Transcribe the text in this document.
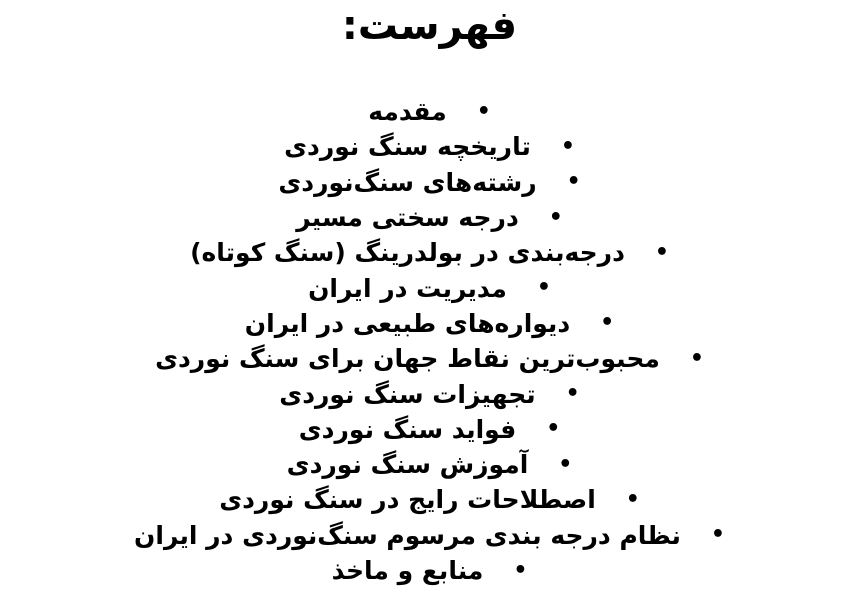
فهرست:
•
مقدمه
•
تاریخچه سنگ نوردی
•
رشته‌های سنگ‌نوردی
•
درجه سختی مسیر
•
درجه‌بندی در بولدرینگ (سنگ کوتاه)
•
مدیریت در ایران
•
دیواره‌های طبیعی در ایران
•
محبوب‌ترین نقاط جهان برای سنگ نوردی
•
تجهیزات سنگ نوردی
•
فواید سنگ نوردی
•
آموزش سنگ نوردی
•
اصطلاحات رایج در سنگ نوردی
•
نظام درجه بندی مرسوم سنگ‌نوردی در ایران
•
منابع و ماخذ
